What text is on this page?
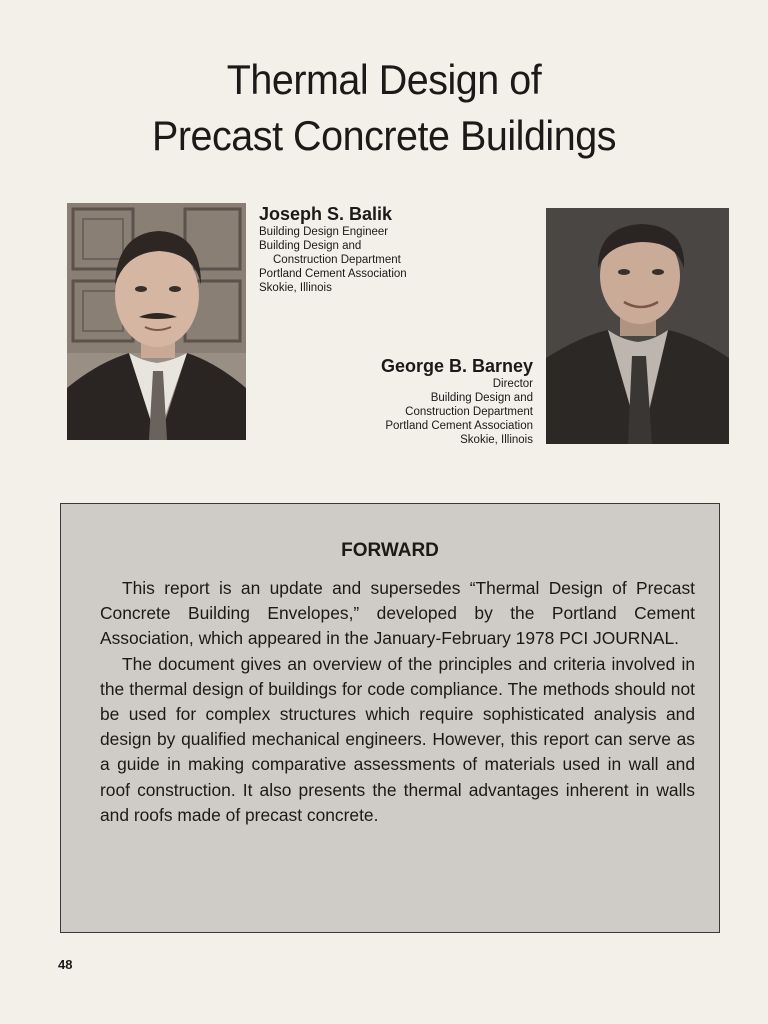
Thermal Design of
Precast Concrete Buildings
Joseph S. Balik
Building Design Engineer
Building Design and
Construction Department
Portland Cement Association
Skokie, Illinois
George B. Barney
Director
Building Design and
Construction Department
Portland Cement Association
Skokie, Illinois
FORWARD

This report is an update and supersedes “Thermal Design of Precast Concrete Building Envelopes,” developed by the Portland Cement Association, which appeared in the January-February 1978 PCI JOURNAL.

The document gives an overview of the principles and criteria involved in the thermal design of buildings for code compliance. The methods should not be used for complex structures which require sophisticated analysis and design by qualified mechanical engineers. However, this report can serve as a guide in making comparative assessments of materials used in wall and roof construction. It also presents the thermal advantages inherent in walls and roofs made of precast concrete.

48
